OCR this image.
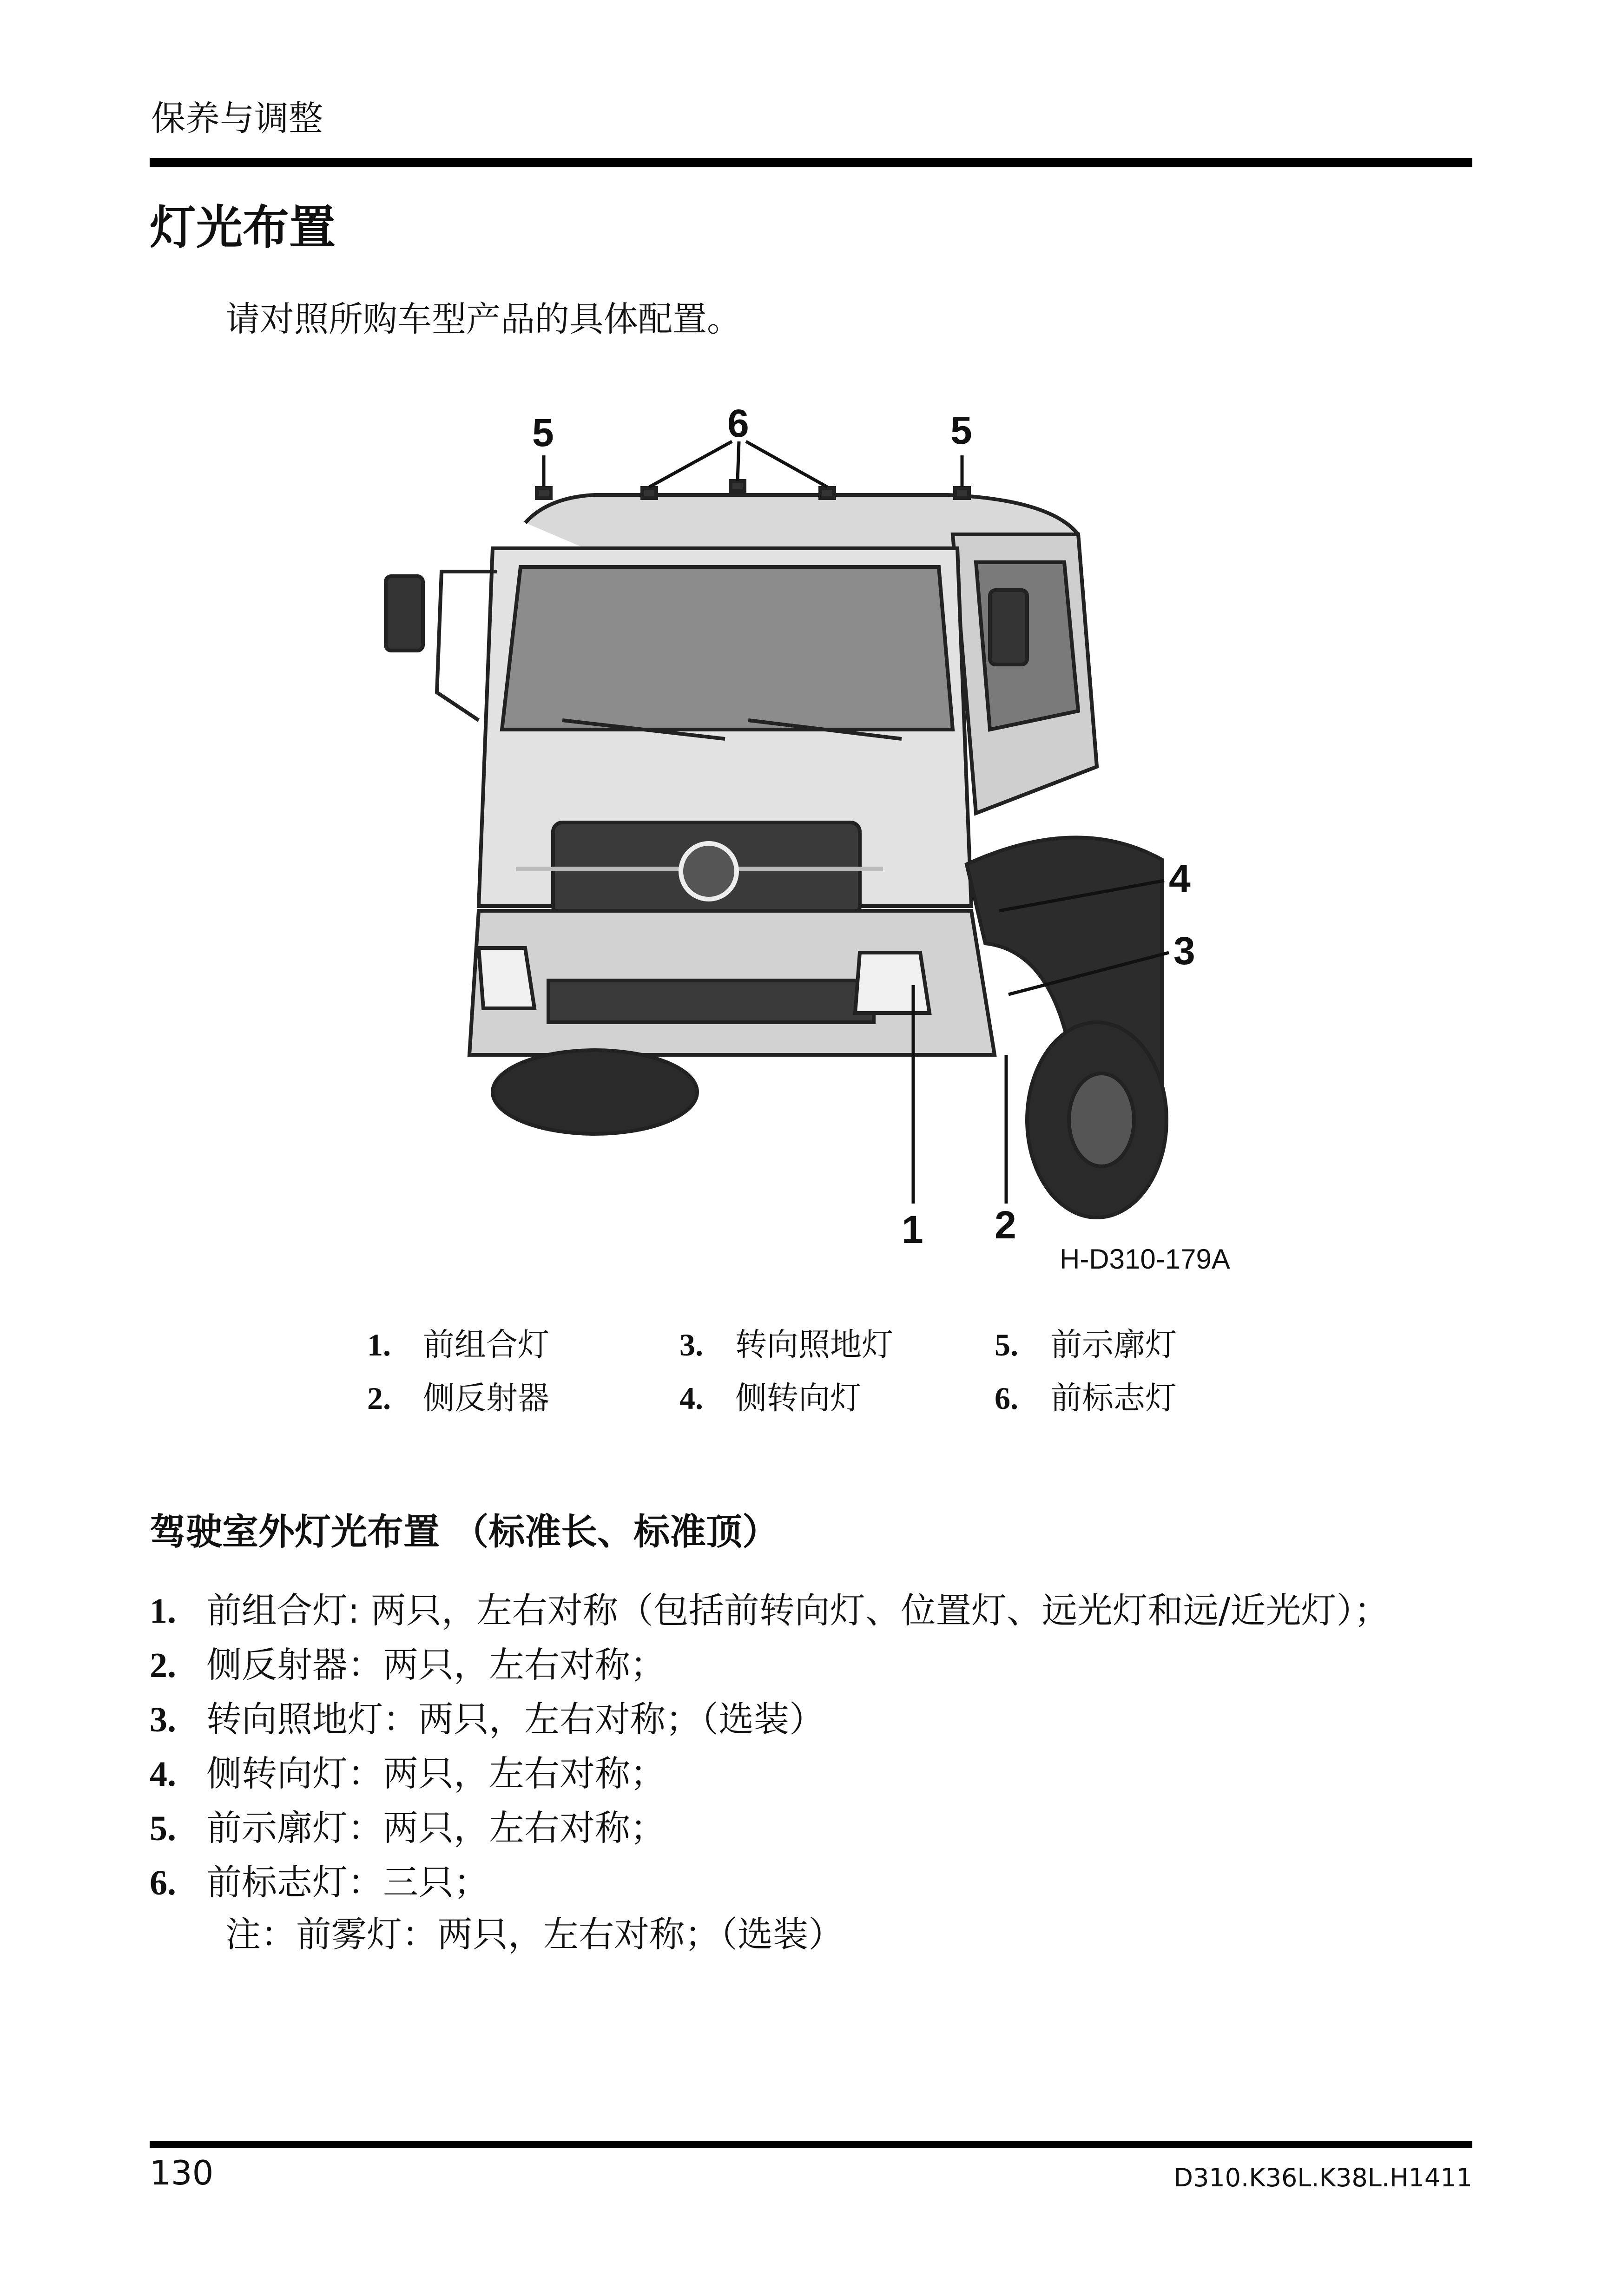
保养与调整
灯光布置
请对照所购车型产品的具体配置。
5	6	5
4
3
1 2
H-D310-179A
1. 前组合灯
2. 侧反射器
3. 转向照地灯
4. 侧转向灯
5. 前示廓灯
6. 前标志灯
驾驶室外灯光布置 （标准长、标准顶）
1. 前组合灯: 两只，左右对称（包括前转向灯、位置灯、远光灯和远/近光灯）；
2. 侧反射器：两只，左右对称；
3. 转向照地灯：两只，左右对称；（选装）
4. 侧转向灯：两只，左右对称；
5. 前示廓灯：两只，左右对称；
6. 前标志灯：三只；
注：前雾灯：两只，左右对称；（选装）
130	D310.K36L.K38L.H1411
